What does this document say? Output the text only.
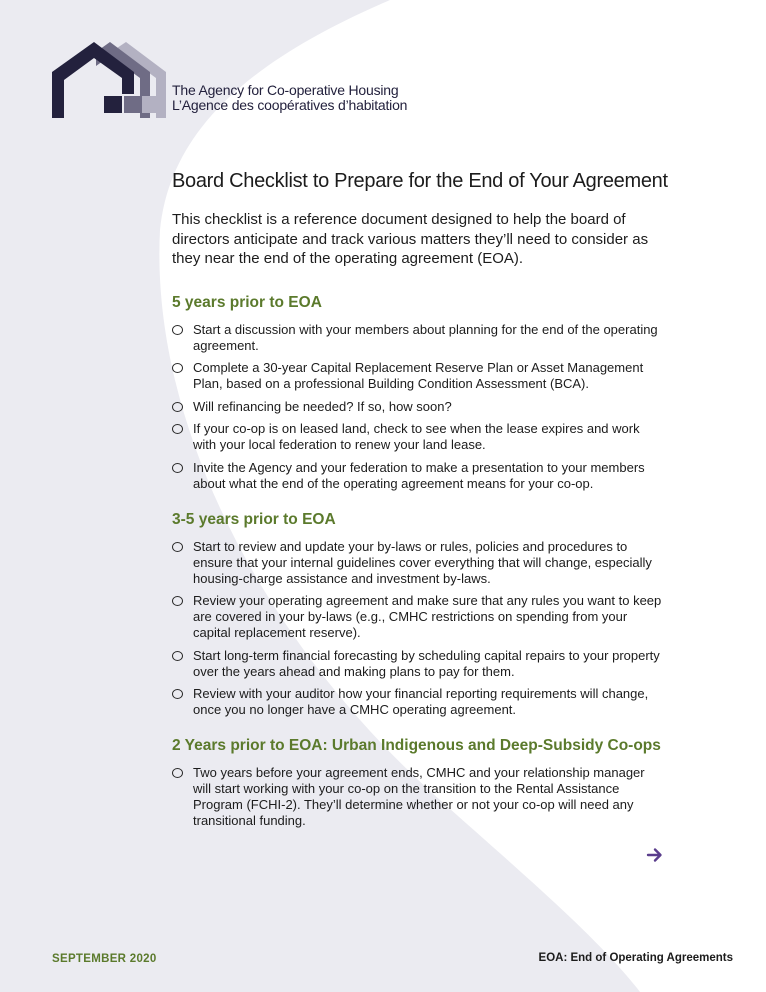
The Agency for Co-operative Housing
L’Agence des coopératives d’habitation
Board Checklist to Prepare for the End of Your Agreement

This checklist is a reference document designed to help the board of directors anticipate and track various matters they’ll need to consider as they near the end of the operating agreement (EOA).

5 years prior to EOA
Start a discussion with your members about planning for the end of the operating agreement.
Complete a 30-year Capital Replacement Reserve Plan or Asset Management Plan, based on a professional Building Condition Assessment (BCA).
Will refinancing be needed? If so, how soon?
If your co-op is on leased land, check to see when the lease expires and work with your local federation to renew your land lease.
Invite the Agency and your federation to make a presentation to your members about what the end of the operating agreement means for your co-op.
3-5 years prior to EOA
Start to review and update your by-laws or rules, policies and procedures to ensure that your internal guidelines cover everything that will change, especially housing-charge assistance and investment by-laws.
Review your operating agreement and make sure that any rules you want to keep are covered in your by-laws (e.g., CMHC restrictions on spending from your capital replacement reserve).
Start long-term financial forecasting by scheduling capital repairs to your property over the years ahead and making plans to pay for them.
Review with your auditor how your financial reporting requirements will change, once you no longer have a CMHC operating agreement.
2 Years prior to EOA: Urban Indigenous and Deep-Subsidy Co-ops
Two years before your agreement ends, CMHC and your relationship manager will start working with your co-op on the transition to the Rental Assistance Program (FCHI-2). They’ll determine whether or not your co-op will need any transitional funding.
SEPTEMBER 2020	EOA: End of Operating Agreements
